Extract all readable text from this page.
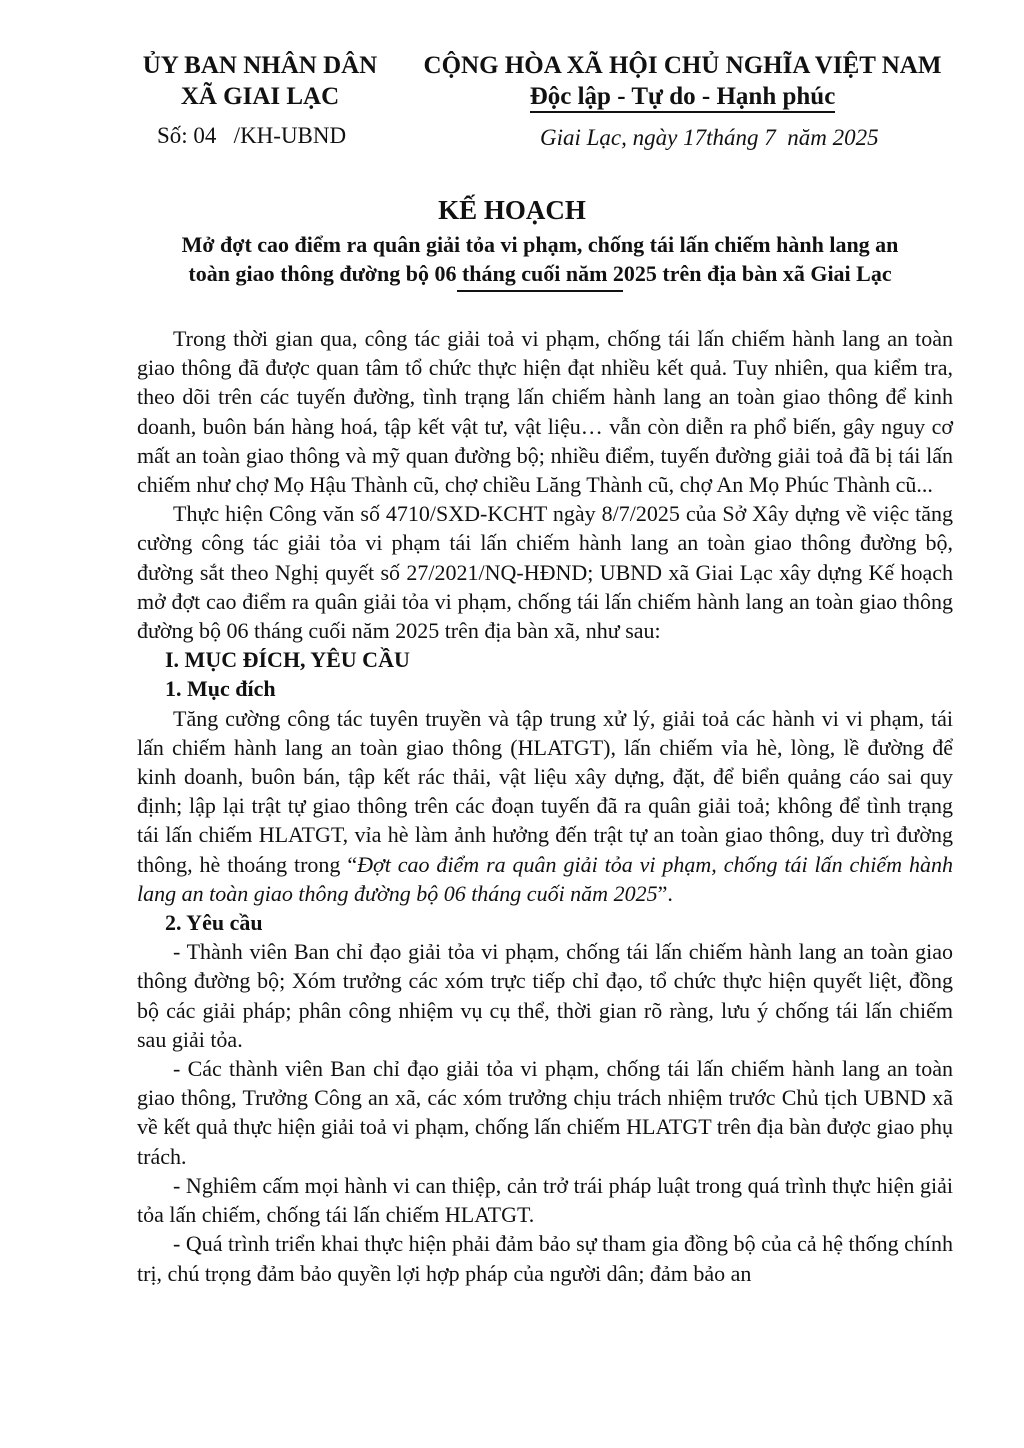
ỦY BAN NHÂN DÂN
XÃ GIAI LẠC
CỘNG HÒA XÃ HỘI CHỦ NGHĨA VIỆT NAM
Độc lập - Tự do - Hạnh phúc
Số: 04   /KH-UBND	Giai Lạc, ngày 17tháng 7  năm 2025
KẾ HOẠCH
Mở đợt cao điểm ra quân giải tỏa vi phạm, chống tái lấn chiếm hành lang an
toàn giao thông đường bộ 06 tháng cuối năm 2025 trên địa bàn xã Giai Lạc

Trong thời gian qua, công tác giải toả vi phạm, chống tái lấn chiếm hành lang an toàn giao thông đã được quan tâm tổ chức thực hiện đạt nhiều kết quả. Tuy nhiên, qua kiểm tra, theo dõi trên các tuyến đường, tình trạng lấn chiếm hành lang an toàn giao thông để kinh doanh, buôn bán hàng hoá, tập kết vật tư, vật liệu… vẫn còn diễn ra phổ biến, gây nguy cơ mất an toàn giao thông và mỹ quan đường bộ; nhiều điểm, tuyến đường giải toả đã bị tái lấn chiếm như chợ Mọ Hậu Thành cũ, chợ chiều Lăng Thành cũ, chợ An Mọ Phúc Thành cũ...

Thực hiện Công văn số 4710/SXD-KCHT ngày 8/7/2025 của Sở Xây dựng về việc tăng cường công tác giải tỏa vi phạm tái lấn chiếm hành lang an toàn giao thông đường bộ, đường sắt theo Nghị quyết số 27/2021/NQ-HĐND; UBND xã Giai Lạc xây dựng Kế hoạch mở đợt cao điểm ra quân giải tỏa vi phạm, chống tái lấn chiếm hành lang an toàn giao thông đường bộ 06 tháng cuối năm 2025 trên địa bàn xã, như sau:

I. MỤC ĐÍCH, YÊU CẦU

1. Mục đích

Tăng cường công tác tuyên truyền và tập trung xử lý, giải toả các hành vi vi phạm, tái lấn chiếm hành lang an toàn giao thông (HLATGT), lấn chiếm vỉa hè, lòng, lề đường để kinh doanh, buôn bán, tập kết rác thải, vật liệu xây dựng, đặt, để biển quảng cáo sai quy định; lập lại trật tự giao thông trên các đoạn tuyến đã ra quân giải toả; không để tình trạng tái lấn chiếm HLATGT, vỉa hè làm ảnh hưởng đến trật tự an toàn giao thông, duy trì đường thông, hè thoáng trong “Đợt cao điểm ra quân giải tỏa vi phạm, chống tái lấn chiếm hành lang an toàn giao thông đường bộ 06 tháng cuối năm 2025”.

2. Yêu cầu

- Thành viên Ban chỉ đạo giải tỏa vi phạm, chống tái lấn chiếm hành lang an toàn giao thông đường bộ; Xóm trưởng các xóm trực tiếp chỉ đạo, tổ chức thực hiện quyết liệt, đồng bộ các giải pháp; phân công nhiệm vụ cụ thể, thời gian rõ ràng, lưu ý chống tái lấn chiếm sau giải tỏa.

- Các thành viên Ban chỉ đạo giải tỏa vi phạm, chống tái lấn chiếm hành lang an toàn giao thông, Trưởng Công an xã, các xóm trưởng chịu trách nhiệm trước Chủ tịch UBND xã về kết quả thực hiện giải toả vi phạm, chống lấn chiếm HLATGT trên địa bàn được giao phụ trách.

- Nghiêm cấm mọi hành vi can thiệp, cản trở trái pháp luật trong quá trình thực hiện giải tỏa lấn chiếm, chống tái lấn chiếm HLATGT.

- Quá trình triển khai thực hiện phải đảm bảo sự tham gia đồng bộ của cả hệ thống chính trị, chú trọng đảm bảo quyền lợi hợp pháp của người dân; đảm bảo an
